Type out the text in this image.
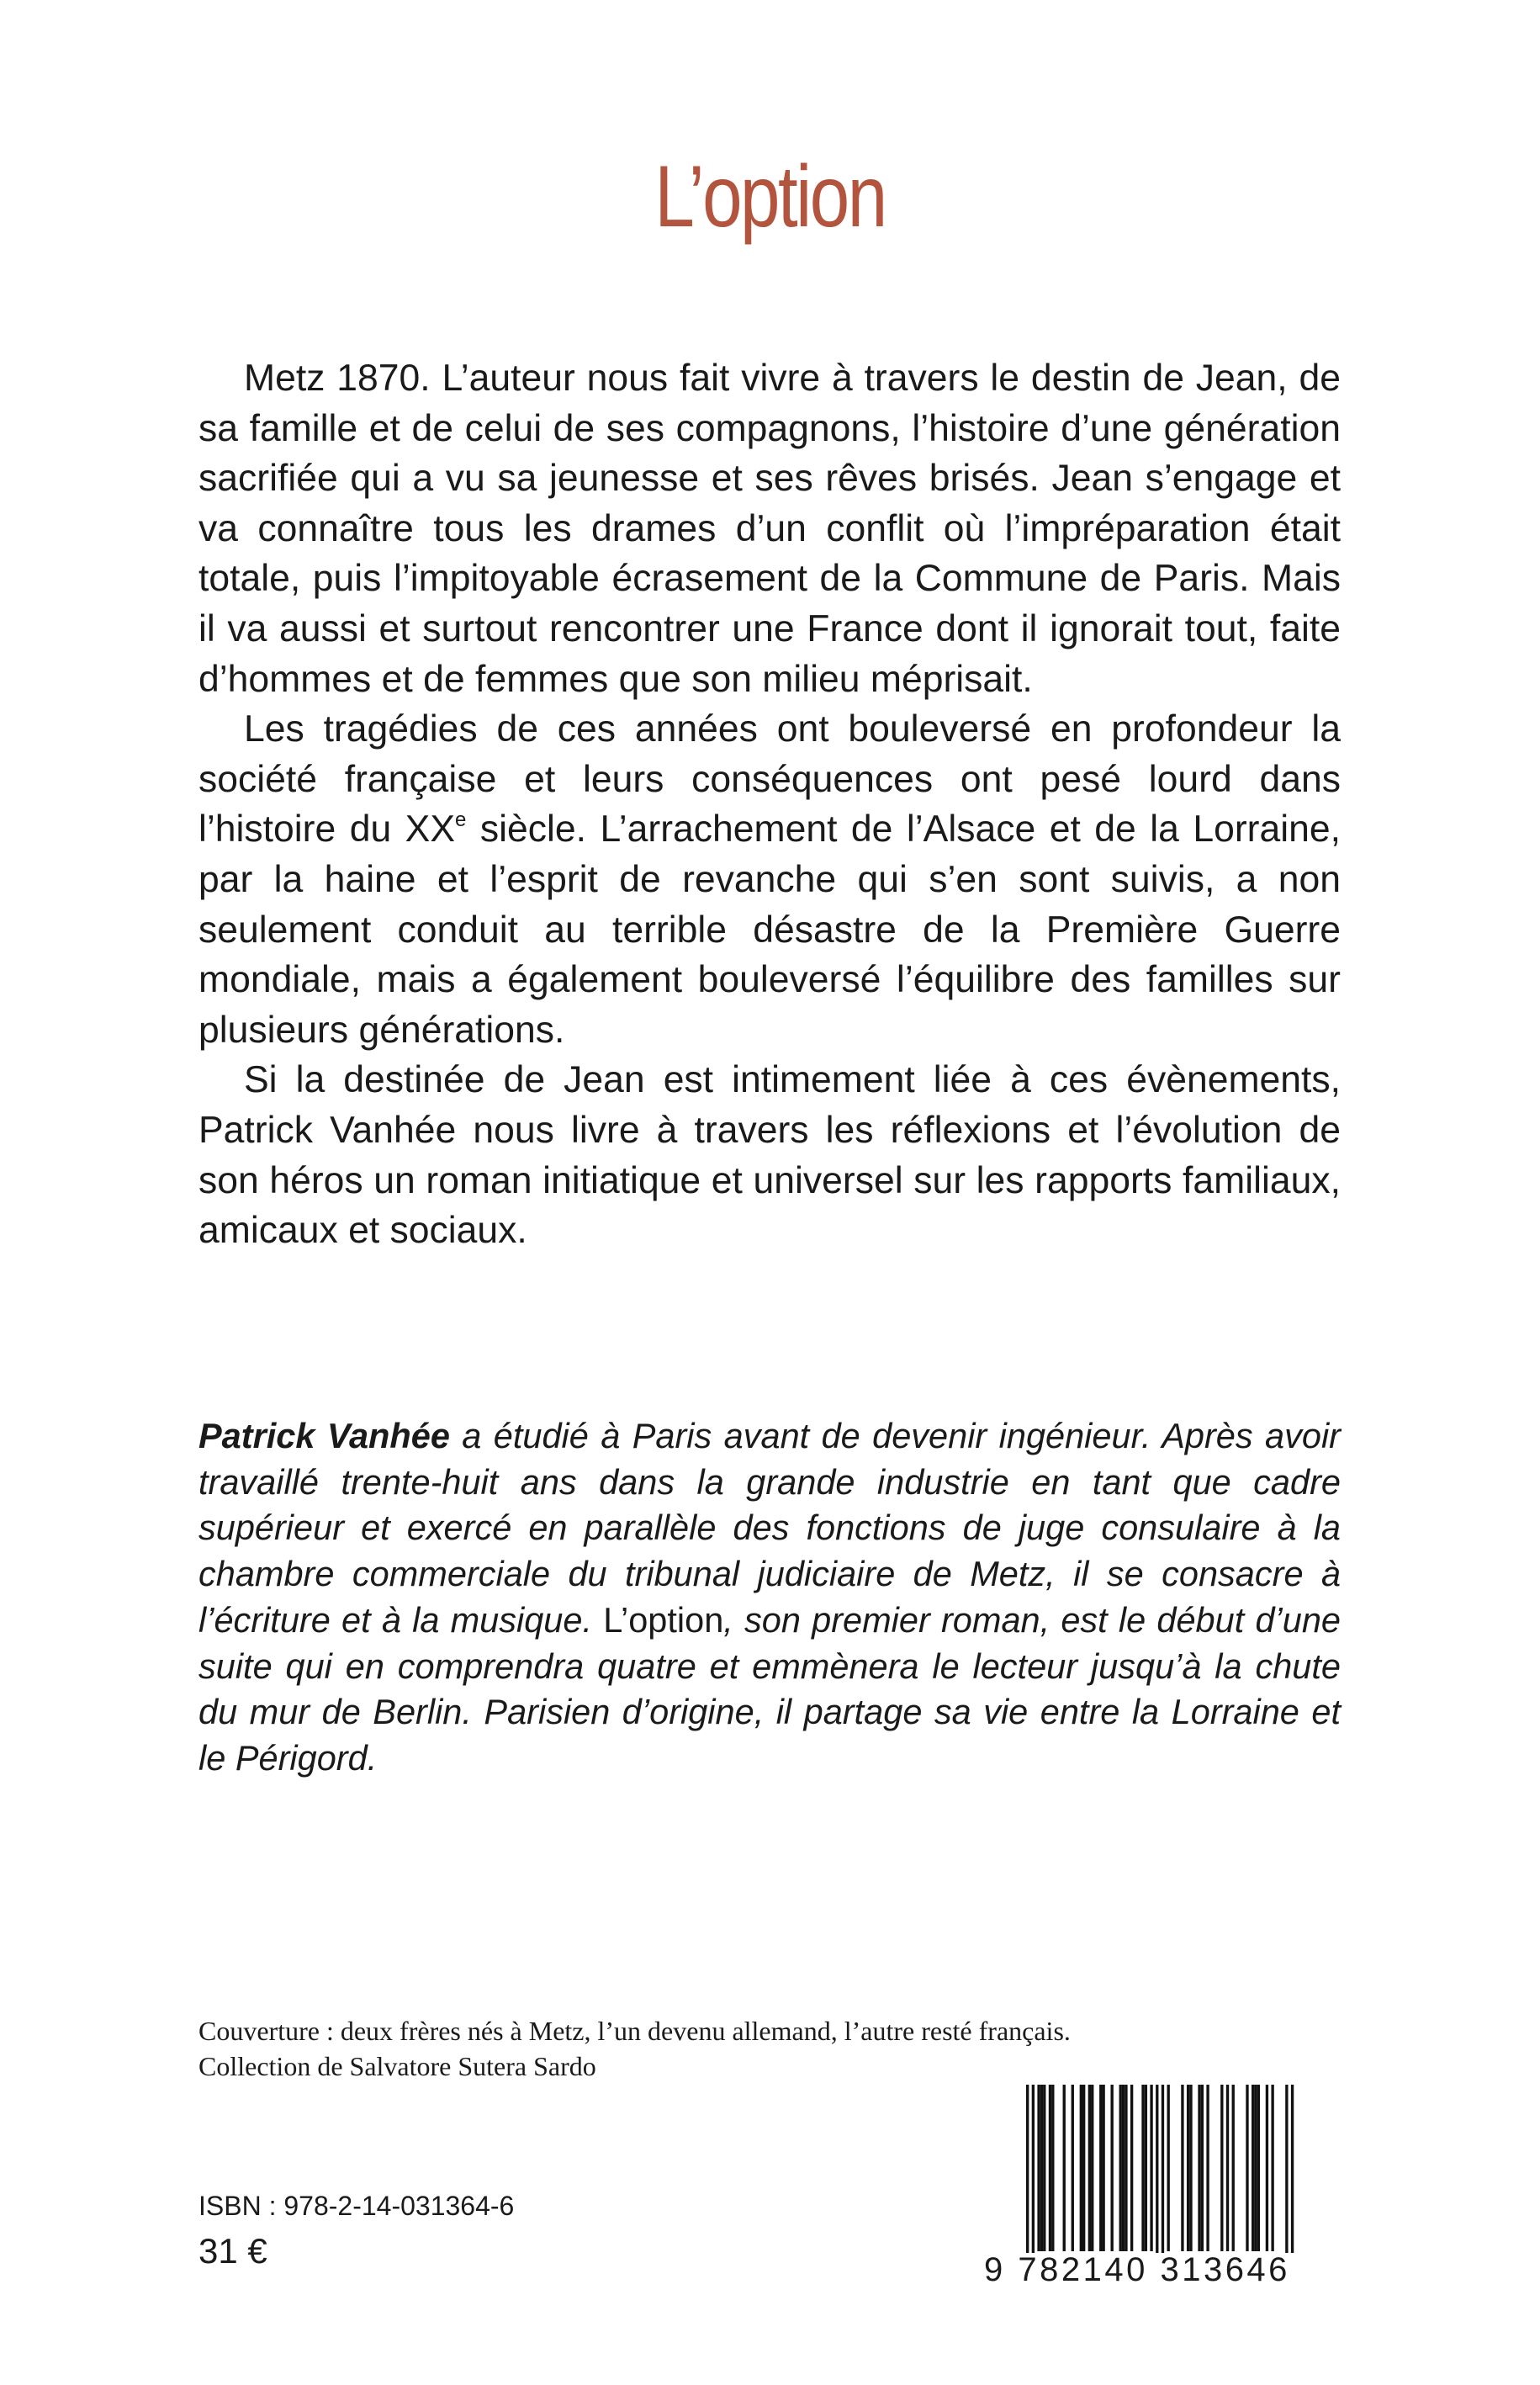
L’option

Metz 1870. L’auteur nous fait vivre à travers le destin de Jean, de sa famille et de celui de ses compagnons, l’histoire d’une génération sacrifiée qui a vu sa jeunesse et ses rêves brisés. Jean s’engage et va connaître tous les drames d’un conflit où l’impréparation était totale, puis l’impitoyable écrasement de la Commune de Paris. Mais il va aussi et surtout rencontrer une France dont il ignorait tout, faite d’hommes et de femmes que son milieu méprisait.

Les tragédies de ces années ont bouleversé en profondeur la société française et leurs conséquences ont pesé lourd dans l’histoire du XXe siècle. L’arrachement de l’Alsace et de la Lorraine, par la haine et l’esprit de revanche qui s’en sont suivis, a non seulement conduit au terrible désastre de la Première Guerre mondiale, mais a également bouleversé l’équilibre des familles sur plusieurs générations.

Si la destinée de Jean est intimement liée à ces évènements, Patrick Vanhée nous livre à travers les réflexions et l’évolution de son héros un roman initiatique et universel sur les rapports familiaux, amicaux et sociaux.

Patrick Vanhée a étudié à Paris avant de devenir ingénieur. Après avoir travaillé trente-huit ans dans la grande industrie en tant que cadre supérieur et exercé en parallèle des fonctions de juge consulaire à la chambre commerciale du tribunal judiciaire de Metz, il se consacre à l’écriture et à la musique. L’option, son premier roman, est le début d’une suite qui en comprendra quatre et emmènera le lecteur jusqu’à la chute du mur de Berlin. Parisien d’origine, il partage sa vie entre la Lorraine et le Périgord.

Couverture : deux frères nés à Metz, l’un devenu allemand, l’autre resté français.
Collection de Salvatore Sutera Sardo
ISBN : 978-2-14-031364-6
31 €	9 782140 313646
